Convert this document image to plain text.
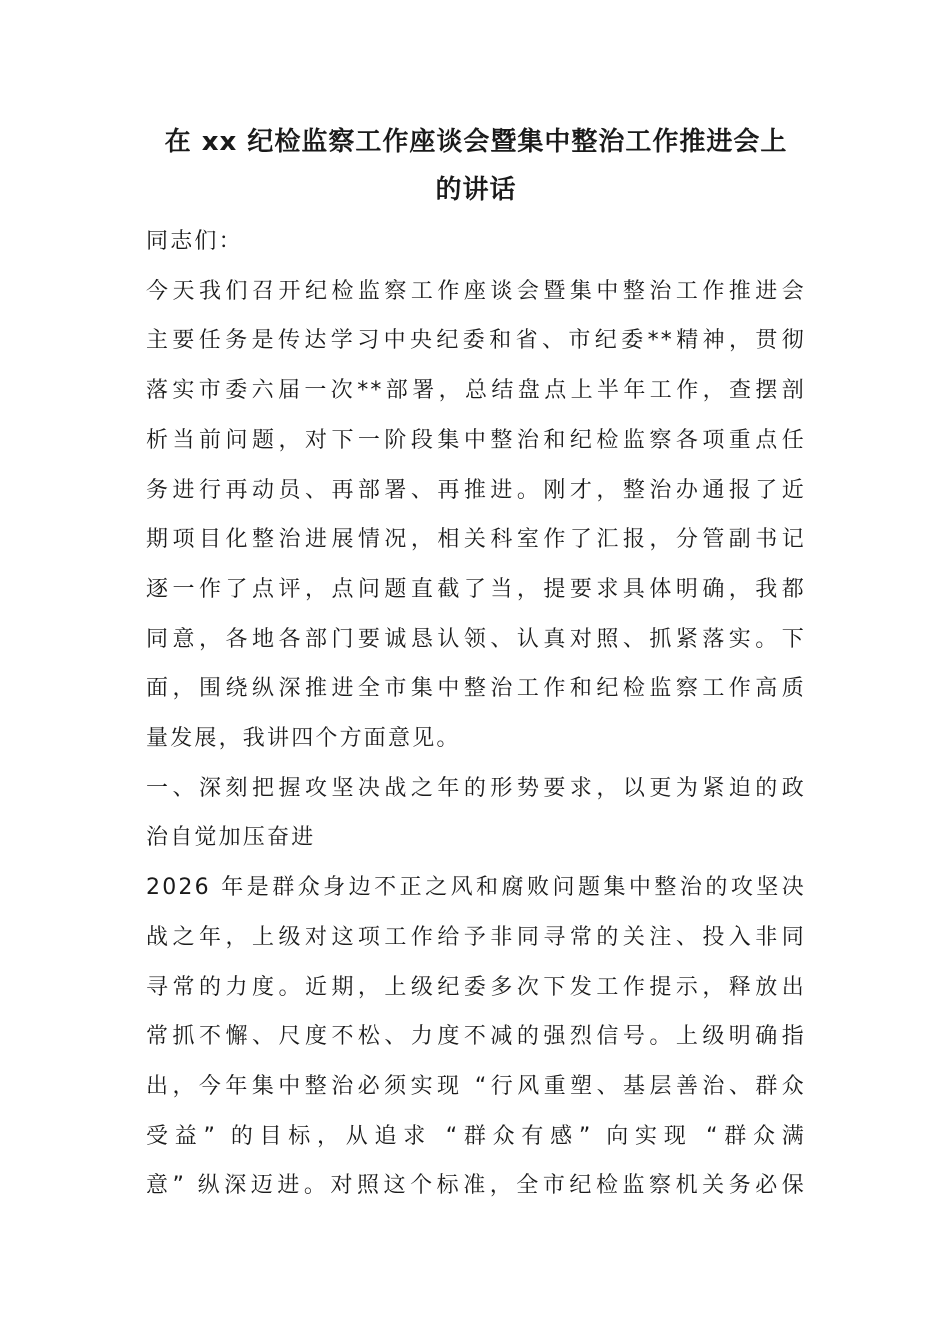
在 xx 纪检监察工作座谈会暨集中整治工作推进会上
的讲话

同志们：

今天我们召开纪检监察工作座谈会暨集中整治工作推进会
主要任务是传达学习中央纪委和省、市纪委**精神，贯彻
落实市委六届一次**部署，总结盘点上半年工作，查摆剖
析当前问题，对下一阶段集中整治和纪检监察各项重点任
务进行再动员、再部署、再推进。刚才，整治办通报了近
期项目化整治进展情况，相关科室作了汇报，分管副书记
逐一作了点评，点问题直截了当，提要求具体明确，我都
同意，各地各部门要诚恳认领、认真对照、抓紧落实。下
面，围绕纵深推进全市集中整治工作和纪检监察工作高质
量发展，我讲四个方面意见。
一、深刻把握攻坚决战之年的形势要求，以更为紧迫的政
治自觉加压奋进
2026 年是群众身边不正之风和腐败问题集中整治的攻坚决
战之年，上级对这项工作给予非同寻常的关注、投入非同
寻常的力度。近期，上级纪委多次下发工作提示，释放出
常抓不懈、尺度不松、力度不减的强烈信号。上级明确指
出，今年集中整治必须实现 “行风重塑、基层善治、群众
受益” 的目标，从追求 “群众有感” 向实现 “群众满
意” 纵深迈进。对照这个标准，全市纪检监察机关务必保
